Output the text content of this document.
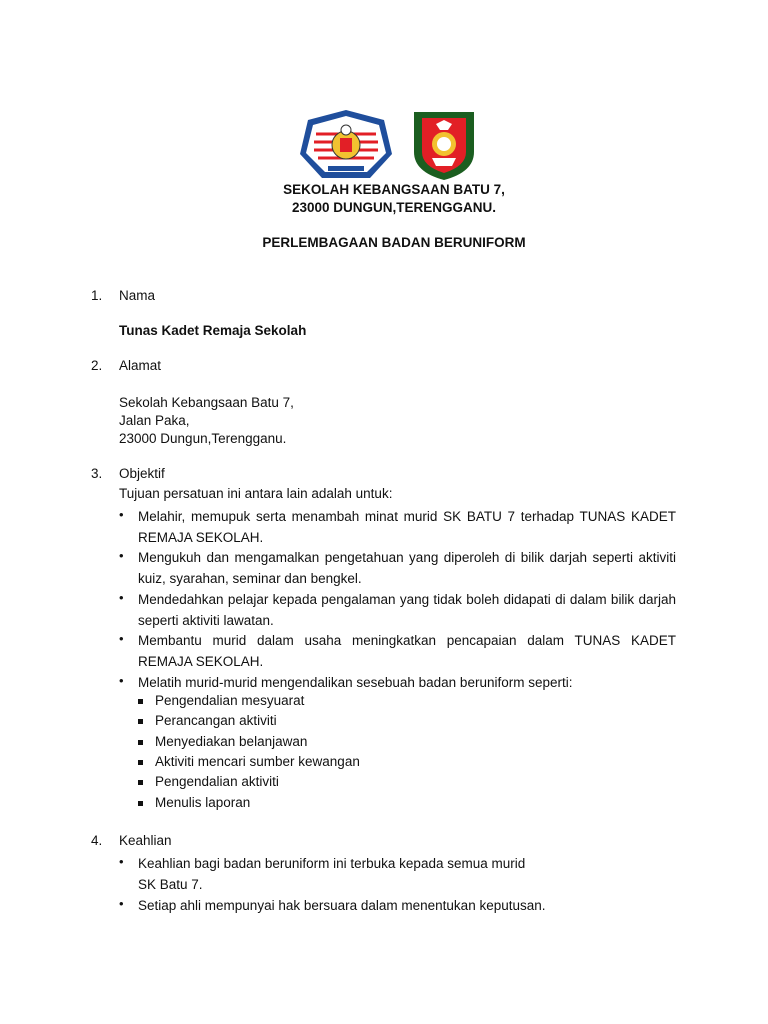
SEKOLAH KEBANGSAAN BATU 7,
23000 DUNGUN,TERENGGANU.
PERLEMBAGAAN BADAN BERUNIFORM
1. Nama
Tunas Kadet Remaja Sekolah
2. Alamat
Sekolah Kebangsaan Batu 7,
Jalan Paka,
23000 Dungun,Terengganu.
3. Objektif
Tujuan persatuan ini antara lain adalah untuk:
• Melahir, memupuk serta menambah minat murid SK BATU 7 terhadap TUNAS KADET REMAJA SEKOLAH.
• Mengukuh dan mengamalkan pengetahuan yang diperoleh di bilik darjah seperti aktiviti kuiz, syarahan, seminar dan bengkel.
• Mendedahkan pelajar kepada pengalaman yang tidak boleh didapati di dalam bilik darjah seperti aktiviti lawatan.
• Membantu murid dalam usaha meningkatkan pencapaian dalam TUNAS KADET REMAJA SEKOLAH.
• Melatih murid-murid mengendalikan sesebuah badan beruniform seperti:
Pengendalian mesyuarat
Perancangan aktiviti
Menyediakan belanjawan
Aktiviti mencari sumber kewangan
Pengendalian aktiviti
Menulis laporan
4. Keahlian
• Keahlian bagi badan beruniform ini terbuka kepada semua murid
SK Batu 7.
• Setiap ahli mempunyai hak bersuara dalam menentukan keputusan.
